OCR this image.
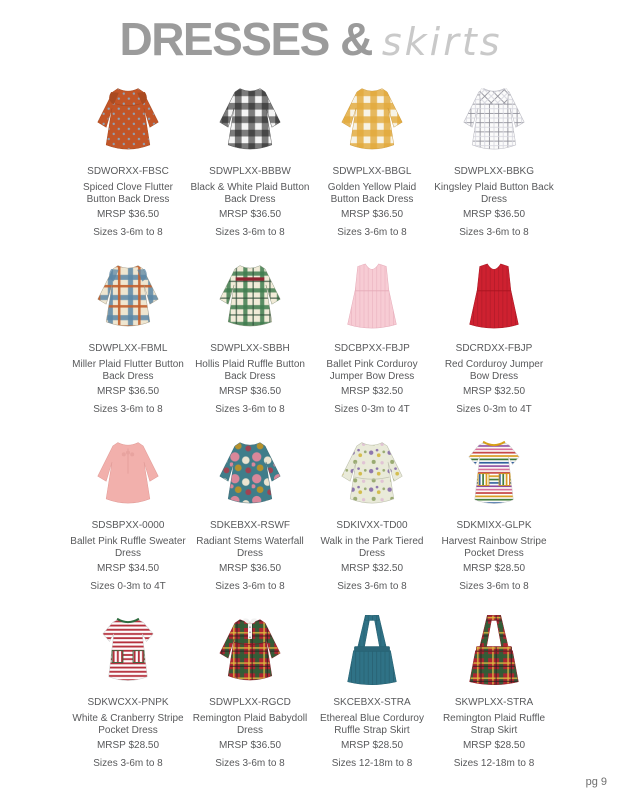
DRESSES & skirts
SDWORXX-FBSC
Spiced Clove Flutter Button Back Dress
MRSP $36.50
Sizes 3-6m to 8
SDWPLXX-BBBW
Black & White Plaid Button Back Dress
MRSP $36.50
Sizes 3-6m to 8
SDWPLXX-BBGL
Golden Yellow Plaid Button Back Dress
MRSP $36.50
Sizes 3-6m to 8
SDWPLXX-BBKG
Kingsley Plaid Button Back Dress
MRSP $36.50
Sizes 3-6m to 8
SDWPLXX-FBML
Miller Plaid Flutter Button Back Dress
MRSP $36.50
Sizes 3-6m to 8
SDWPLXX-SBBH
Hollis Plaid Ruffle Button Back Dress
MRSP $36.50
Sizes 3-6m to 8
SDCBPXX-FBJP
Ballet Pink Corduroy Jumper Bow Dress
MRSP $32.50
Sizes 0-3m to 4T
SDCRDXX-FBJP
Red Corduroy Jumper Bow Dress
MRSP $32.50
Sizes 0-3m to 4T
SDSBPXX-0000
Ballet Pink Ruffle Sweater Dress
MRSP $34.50
Sizes 0-3m to 4T
SDKEBXX-RSWF
Radiant Stems Waterfall Dress
MRSP $36.50
Sizes 3-6m to 8
SDKIVXX-TD00
Walk in the Park Tiered Dress
MRSP $32.50
Sizes 3-6m to 8
SDKMIXX-GLPK
Harvest Rainbow Stripe Pocket Dress
MRSP $28.50
Sizes 3-6m to 8
SDKWCXX-PNPK
White & Cranberry Stripe Pocket Dress
MRSP $28.50
Sizes 3-6m to 8
SDWPLXX-RGCD
Remington Plaid Babydoll Dress
MRSP $36.50
Sizes 3-6m to 8
SKCEBXX-STRA
Ethereal Blue Corduroy Ruffle Strap Skirt
MRSP $28.50
Sizes 12-18m to 8
SKWPLXX-STRA
Remington Plaid Ruffle Strap Skirt
MRSP $28.50
Sizes 12-18m to 8
pg 9
